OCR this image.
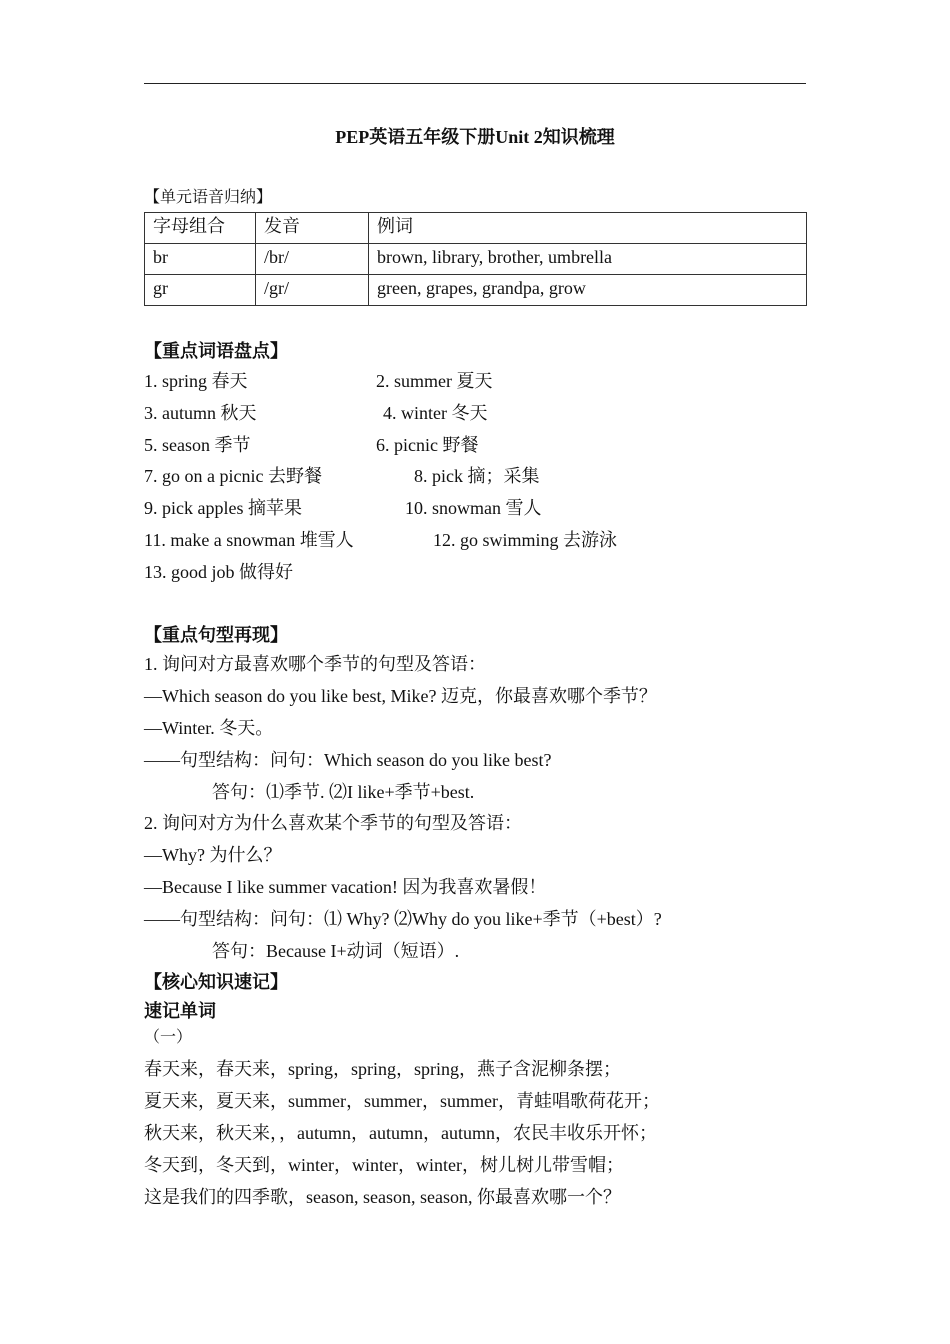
PEP英语五年级下册Unit 2知识梳理
【单元语音归纳】
字母组合	发音	例词
br	/br/	brown, library, brother, umbrella
gr	/gr/	green, grapes, grandpa, grow
【重点词语盘点】
1. spring 春天	2. summer 夏天
3. autumn 秋天	4. winter 冬天
5. season 季节	6. picnic 野餐
7. go on a picnic 去野餐	8. pick 摘；采集
9. pick apples 摘苹果	10. snowman 雪人
11. make a snowman 堆雪人	12. go swimming 去游泳
13. good job 做得好
【重点句型再现】
1. 询问对方最喜欢哪个季节的句型及答语：
—Which season do you like best, Mike? 迈克，你最喜欢哪个季节？
—Winter. 冬天。
——句型结构：问句：Which season do you like best?
答句：⑴季节. ⑵I like+季节+best.
2. 询问对方为什么喜欢某个季节的句型及答语：
—Why? 为什么？
—Because I like summer vacation! 因为我喜欢暑假！
——句型结构：问句：⑴ Why? ⑵Why do you like+季节（+best）?
答句：Because I+动词（短语）.
【核心知识速记】
速记单词
（一）
春天来，春天来，spring，spring，spring，燕子含泥柳条摆；
夏天来，夏天来，summer，summer，summer，青蛙唱歌荷花开；
秋天来，秋天来，，autumn，autumn，autumn，农民丰收乐开怀；
冬天到，冬天到，winter，winter，winter，树儿树儿带雪帽；
这是我们的四季歌，season, season, season, 你最喜欢哪一个？
